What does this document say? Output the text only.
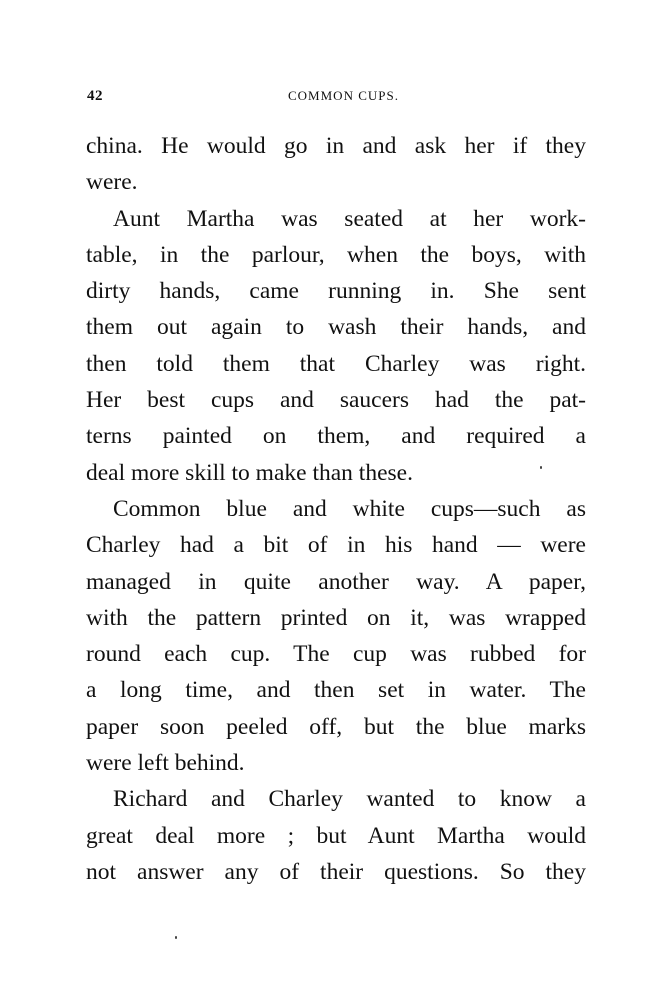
42	COMMON CUPS.
china. He would go in and ask her if they
were.
Aunt Martha was seated at her work-
table, in the parlour, when the boys, with
dirty hands, came running in. She sent
them out again to wash their hands, and
then told them that Charley was right.
Her best cups and saucers had the pat-
terns painted on them, and required a
deal more skill to make than these.
Common blue and white cups—such as
Charley had a bit of in his hand — were
managed in quite another way. A paper,
with the pattern printed on it, was wrapped
round each cup. The cup was rubbed for
a long time, and then set in water. The
paper soon peeled off, but the blue marks
were left behind.
Richard and Charley wanted to know a
great deal more ; but Aunt Martha would
not answer any of their questions. So they
